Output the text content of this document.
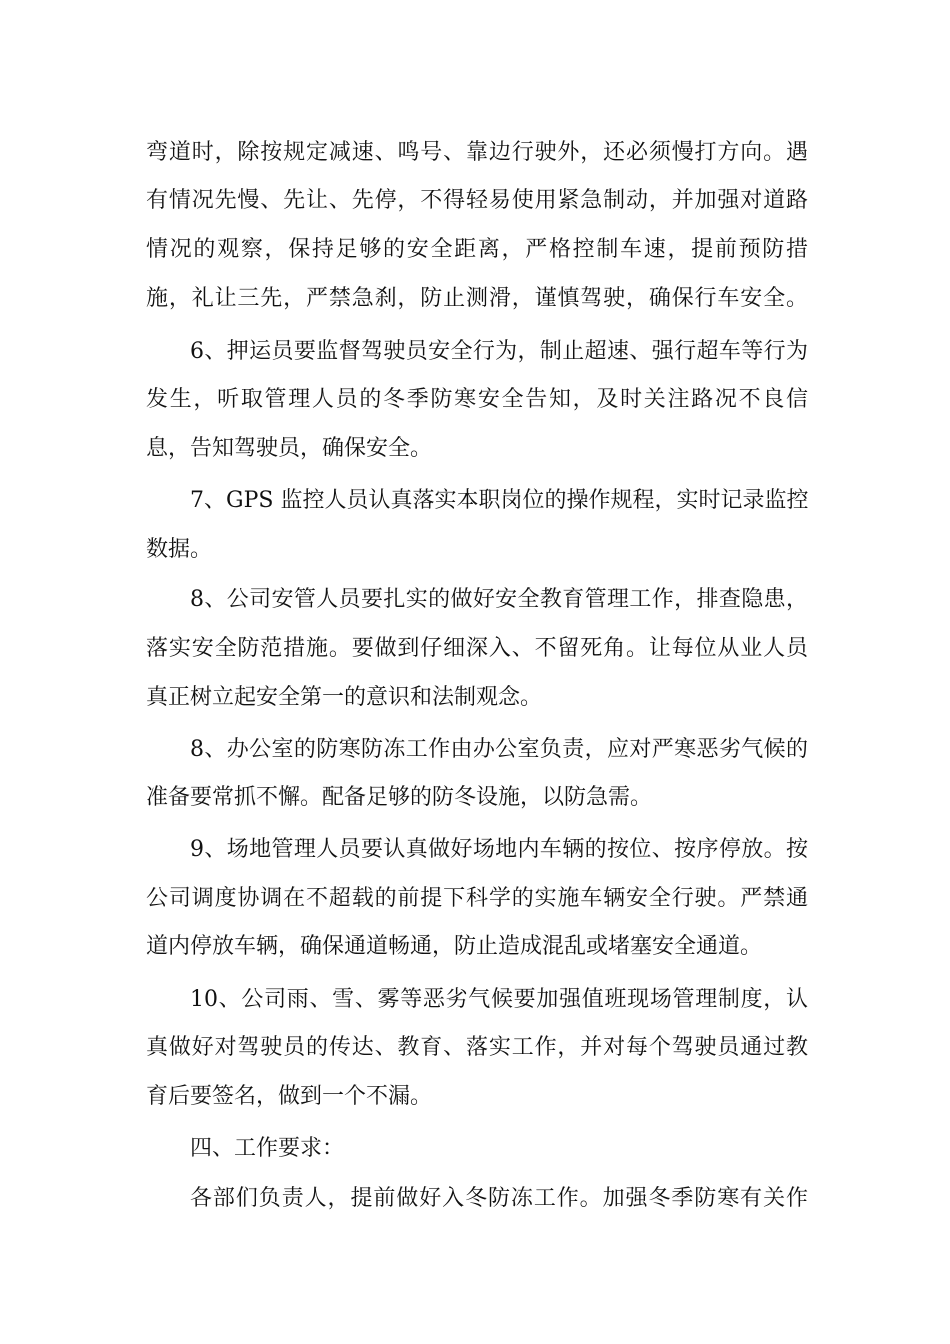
弯道时，除按规定减速、鸣号、靠边行驶外，还必须慢打方向。遇
有情况先慢、先让、先停，不得轻易使用紧急制动，并加强对道路
情况的观察，保持足够的安全距离，严格控制车速，提前预防措
施，礼让三先，严禁急刹，防止测滑，谨慎驾驶，确保行车安全。
6、押运员要监督驾驶员安全行为，制止超速、强行超车等行为
发生，听取管理人员的冬季防寒安全告知，及时关注路况不良信
息，告知驾驶员，确保安全。
7、GPS 监控人员认真落实本职岗位的操作规程，实时记录监控
数据。
8、公司安管人员要扎实的做好安全教育管理工作，排查隐患，
落实安全防范措施。要做到仔细深入、不留死角。让每位从业人员
真正树立起安全第一的意识和法制观念。
8、办公室的防寒防冻工作由办公室负责，应对严寒恶劣气候的
准备要常抓不懈。配备足够的防冬设施，以防急需。
9、场地管理人员要认真做好场地内车辆的按位、按序停放。按
公司调度协调在不超载的前提下科学的实施车辆安全行驶。严禁通
道内停放车辆，确保通道畅通，防止造成混乱或堵塞安全通道。
10、公司雨、雪、雾等恶劣气候要加强值班现场管理制度，认
真做好对驾驶员的传达、教育、落实工作，并对每个驾驶员通过教
育后要签名，做到一个不漏。
四、工作要求：
各部们负责人，提前做好入冬防冻工作。加强冬季防寒有关作
